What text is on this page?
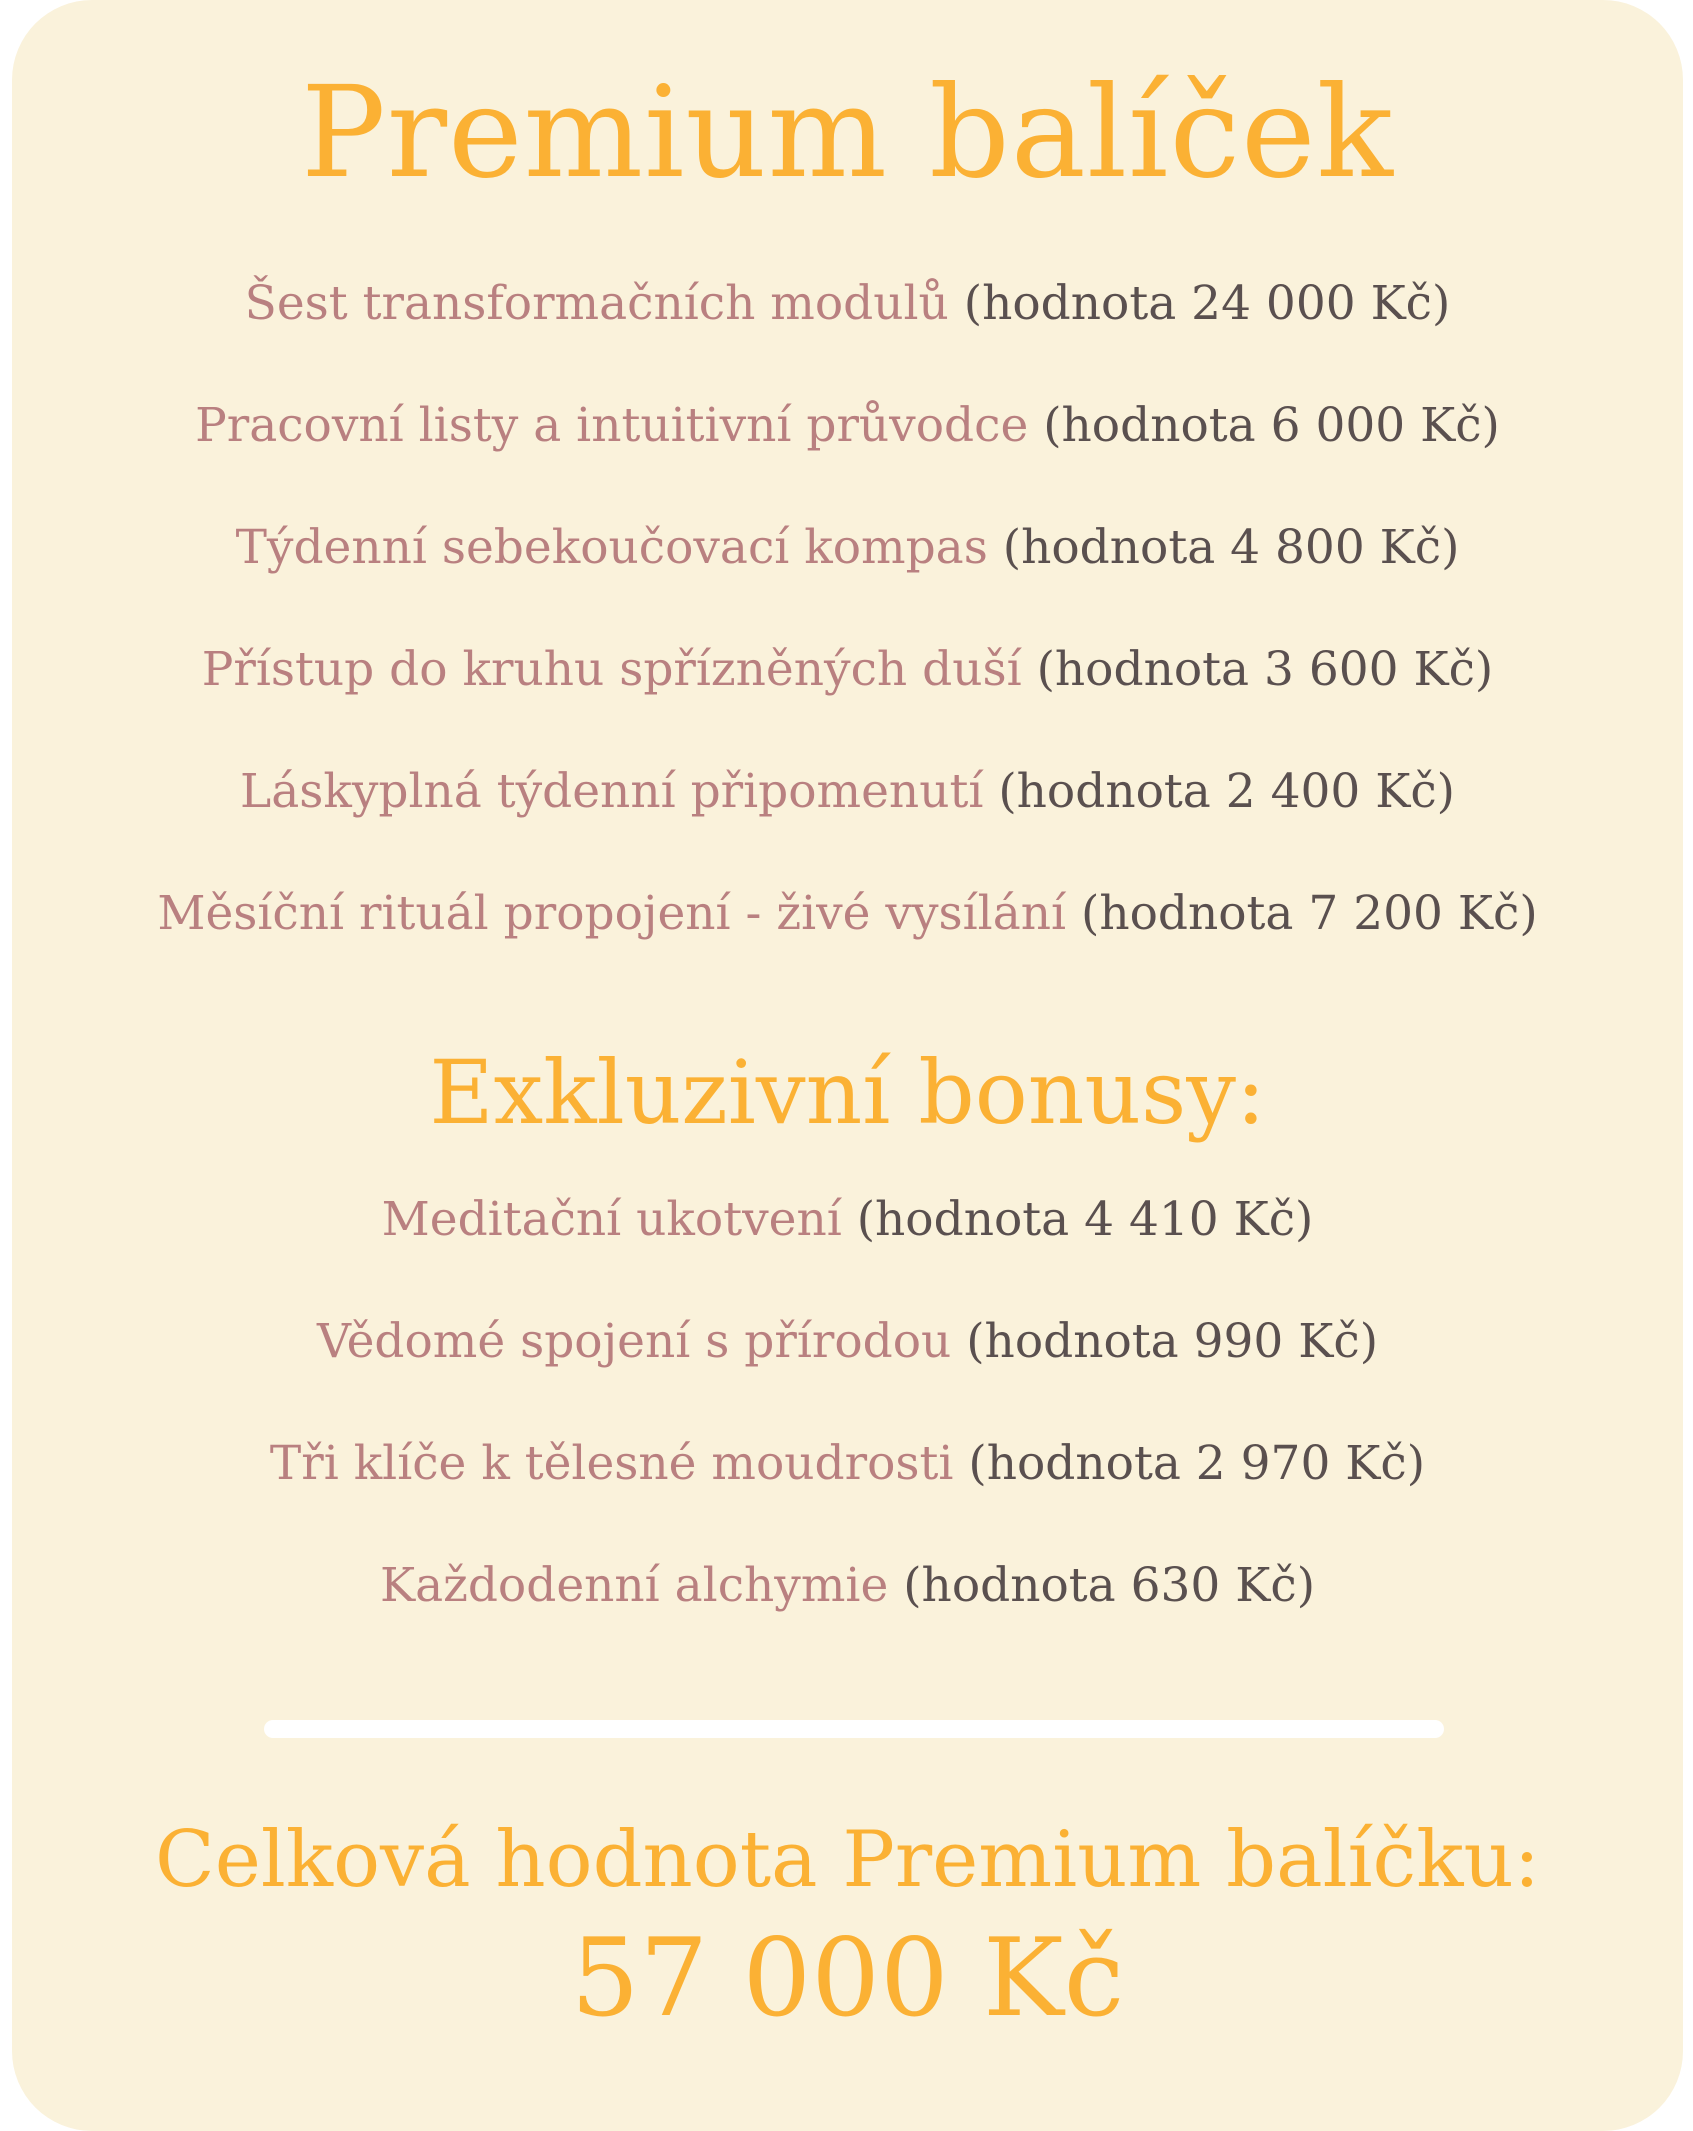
Premium balíček
Šest transformačních modulů (hodnota 24 000 Kč)
Pracovní listy a intuitivní průvodce (hodnota 6 000 Kč)
Týdenní sebekoučovací kompas (hodnota 4 800 Kč)
Přístup do kruhu spřízněných duší (hodnota 3 600 Kč)
Láskyplná týdenní připomenutí (hodnota 2 400 Kč)
Měsíční rituál propojení - živé vysílání (hodnota 7 200 Kč)
Exkluzivní bonusy:
Meditační ukotvení (hodnota 4 410 Kč)
Vědomé spojení s přírodou (hodnota 990 Kč)
Tři klíče k tělesné moudrosti (hodnota 2 970 Kč)
Každodenní alchymie (hodnota 630 Kč)
Celková hodnota Premium balíčku:
57 000 Kč
